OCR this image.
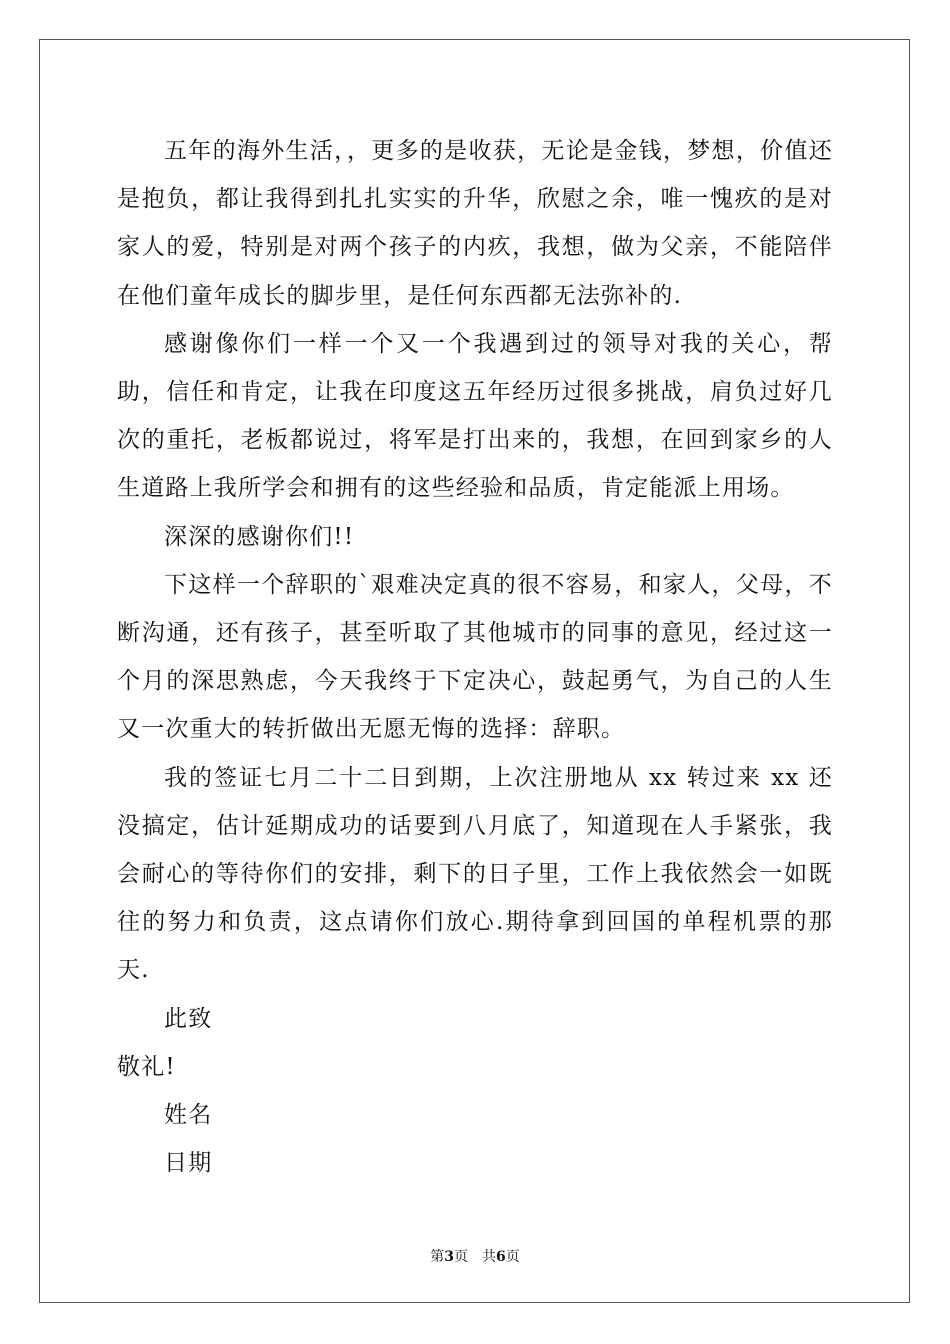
五年的海外生活，，更多的是收获，无论是金钱，梦想，价值还是抱负，都让我得到扎扎实实的升华，欣慰之余，唯一愧疚的是对家人的爱，特别是对两个孩子的内疚，我想，做为父亲，不能陪伴在他们童年成长的脚步里，是任何东西都无法弥补的.

感谢像你们一样一个又一个我遇到过的领导对我的关心，帮助，信任和肯定，让我在印度这五年经历过很多挑战，肩负过好几次的重托，老板都说过，将军是打出来的，我想，在回到家乡的人生道路上我所学会和拥有的这些经验和品质，肯定能派上用场。

深深的感谢你们!!

下这样一个辞职的`艰难决定真的很不容易，和家人，父母，不断沟通，还有孩子，甚至听取了其他城市的同事的意见，经过这一个月的深思熟虑，今天我终于下定决心，鼓起勇气，为自己的人生又一次重大的转折做出无愿无悔的选择：辞职。

我的签证七月二十二日到期，上次注册地从 xx 转过来 xx 还没搞定，估计延期成功的话要到八月底了，知道现在人手紧张，我会耐心的等待你们的安排，剩下的日子里，工作上我依然会一如既往的努力和负责，这点请你们放心.期待拿到回国的单程机票的那天.

此致

敬礼!

姓名

日期

第3页 共6页
